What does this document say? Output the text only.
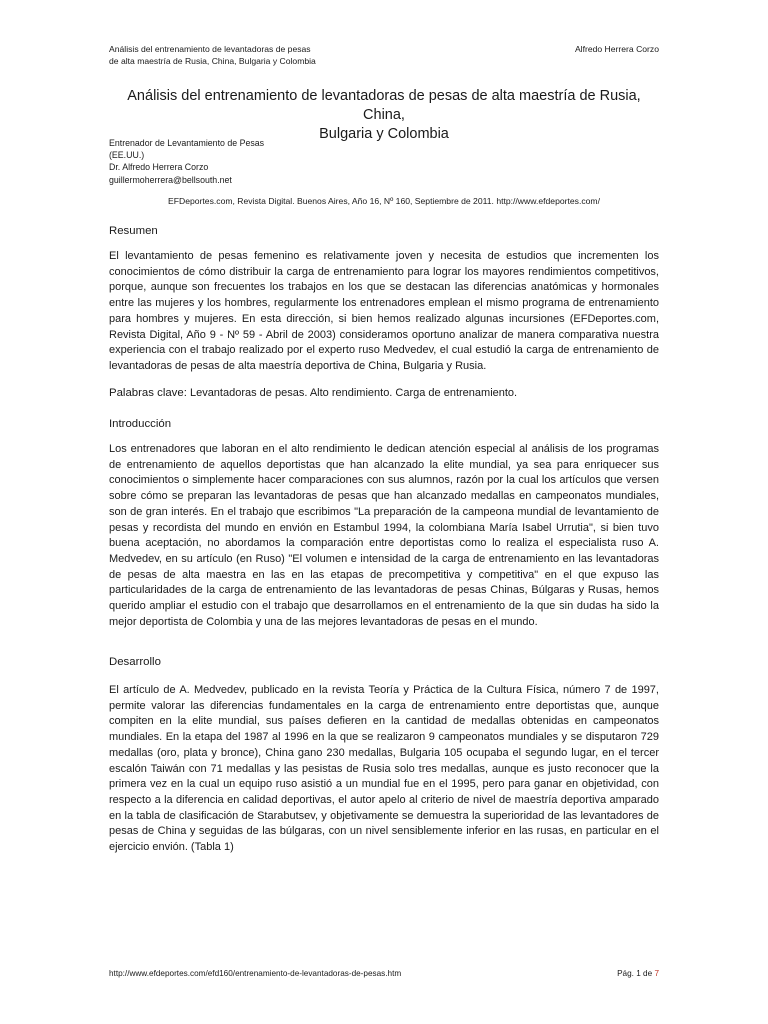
Análisis del entrenamiento de levantadoras de pesas
de alta maestría de Rusia, China, Bulgaria y Colombia
Alfredo Herrera Corzo
Análisis del entrenamiento de levantadoras de pesas de alta maestría de Rusia, China,
Bulgaria y Colombia
Entrenador de Levantamiento de Pesas
(EE.UU.)
Dr. Alfredo Herrera Corzo
guillermoherrera@bellsouth.net
EFDeportes.com, Revista Digital. Buenos Aires, Año 16, Nº 160, Septiembre de 2011. http://www.efdeportes.com/
Resumen
El levantamiento de pesas femenino es relativamente joven y necesita de estudios que incrementen los conocimientos de cómo distribuir la carga de entrenamiento para lograr los mayores rendimientos competitivos, porque, aunque son frecuentes los trabajos en los que se destacan las diferencias anatómicas y hormonales entre las mujeres y los hombres, regularmente los entrenadores emplean el mismo programa de entrenamiento para hombres y mujeres. En esta dirección, si bien hemos realizado algunas incursiones (EFDeportes.com, Revista Digital, Año 9 - Nº 59 - Abril de 2003) consideramos oportuno analizar de manera comparativa nuestra experiencia con el trabajo realizado por el experto ruso Medvedev, el cual estudió la carga de entrenamiento de levantadoras de pesas de alta maestría deportiva de China, Bulgaria y Rusia.
Palabras clave: Levantadoras de pesas. Alto rendimiento. Carga de entrenamiento.
Introducción
Los entrenadores que laboran en el alto rendimiento le dedican atención especial al análisis de los programas de entrenamiento de aquellos deportistas que han alcanzado la elite mundial, ya sea para enriquecer sus conocimientos o simplemente hacer comparaciones con sus alumnos, razón por la cual los artículos que versen sobre cómo se preparan las levantadoras de pesas que han alcanzado medallas en campeonatos mundiales, son de gran interés. En el trabajo que escribimos "La preparación de la campeona mundial de levantamiento de pesas y recordista del mundo en envión en Estambul 1994, la colombiana María Isabel Urrutia", si bien tuvo buena aceptación, no abordamos la comparación entre deportistas como lo realiza el especialista ruso A. Medvedev, en su artículo (en Ruso) "El volumen e intensidad de la carga de entrenamiento en las levantadoras de pesas de alta maestra en las en las etapas de precompetitiva y competitiva" en el que expuso las particularidades de la carga de entrenamiento de las levantadoras de pesas Chinas, Búlgaras y Rusas, hemos querido ampliar el estudio con el trabajo que desarrollamos en el entrenamiento de la que sin dudas ha sido la mejor deportista de Colombia y una de las mejores levantadoras de pesas en el mundo.
Desarrollo
El artículo de A. Medvedev, publicado en la revista Teoría y Práctica de la Cultura Física, número 7 de 1997, permite valorar las diferencias fundamentales en la carga de entrenamiento entre deportistas que, aunque compiten en la elite mundial, sus países defieren en la cantidad de medallas obtenidas en campeonatos mundiales. En la etapa del 1987 al 1996 en la que se realizaron 9 campeonatos mundiales y se disputaron 729 medallas (oro, plata y bronce), China gano 230 medallas, Bulgaria 105 ocupaba el segundo lugar, en el tercer escalón Taiwán con 71 medallas y las pesistas de Rusia solo tres medallas, aunque es justo reconocer que la primera vez en la cual un equipo ruso asistió a un mundial fue en el 1995, pero para ganar en objetividad, con respecto a la diferencia en calidad deportivas, el autor apelo al criterio de nivel de maestría deportiva amparado en la tabla de clasificación de Starabutsev, y objetivamente se demuestra la superioridad de las levantadores de pesas de China y seguidas de las búlgaras, con un nivel sensiblemente inferior en las rusas, en particular en el ejercicio envión. (Tabla 1)
http://www.efdeportes.com/efd160/entrenamiento-de-levantadoras-de-pesas.htm	Pág. 1 de 7
